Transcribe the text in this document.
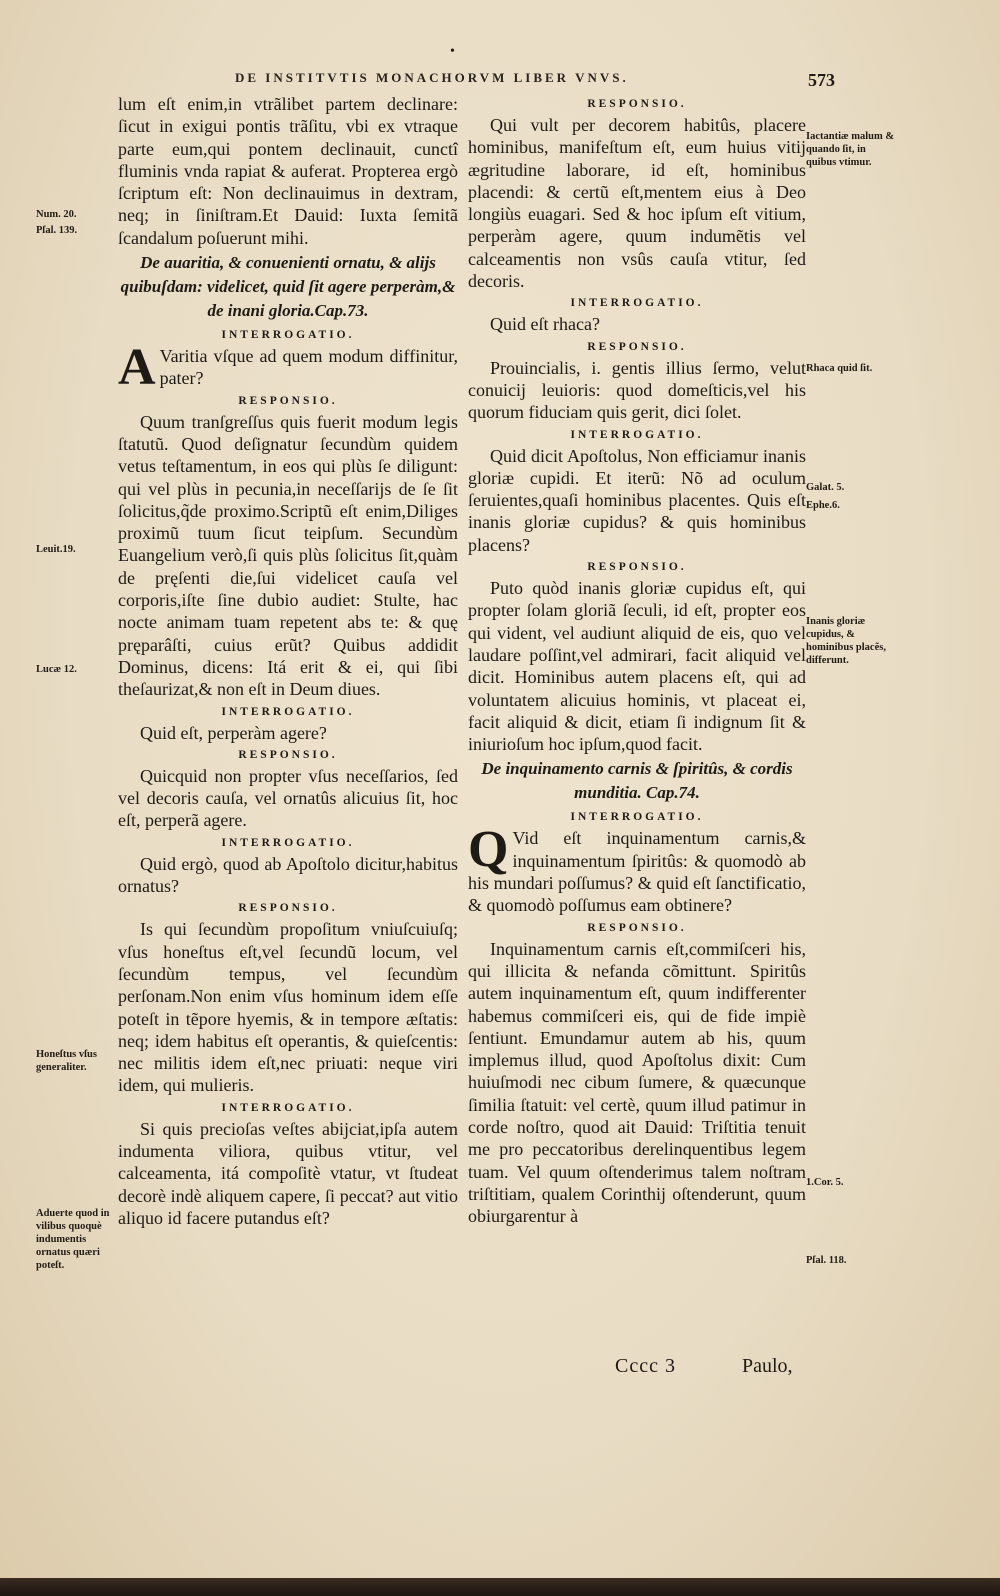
•
DE INSTITVTIS MONACHORVM LIBER VNVS.	573

lum eſt enim,in vtrãlibet partem declinare: ſicut in exigui pontis trãſitu, vbi ex vtraque parte eum,qui pontem declinauit, cunctî fluminis vnda rapiat & auferat. Propterea ergò ſcriptum eſt: Non declinauimus in dextram, neq; in ſiniſtram.Et Dauid: Iuxta ſemitã ſcandalum poſuerunt mihi.

De auaritia, & conuenienti ornatu, & alijs quibuſdam: videlicet, quid ſit agere perperàm,& de inani gloria.Cap.73.
INTERROGATIO.

A Varitia vſque ad quem modum diffinitur, pater?

RESPONSIO.

Quum tranſgreſſus quis fuerit modum legis ſtatutũ. Quod deſignatur ſecundùm quidem vetus teſtamentum, in eos qui plùs ſe diligunt: qui vel plùs in pecunia,in neceſſarijs de ſe ſit ſolicitus,q̃de proximo.Scriptũ eſt enim,Diliges proximũ tuum ſicut teipſum. Secundùm Euangelium verò,ſi quis plùs ſolicitus ſit,quàm de pręſenti die,ſui videlicet cauſa vel corporis,iſte ſine dubio audiet: Stulte, hac nocte animam tuam repetent abs te: & quę pręparâſti, cuius erũt? Quibus addidit Dominus, dicens: Itá erit & ei, qui ſibi theſaurizat,& non eſt in Deum diues.

INTERROGATIO.

Quid eſt, perperàm agere?

RESPONSIO.

Quicquid non propter vſus neceſſarios, ſed vel decoris cauſa, vel ornatûs alicuius ſit, hoc eſt, perperã agere.

INTERROGATIO.

Quid ergò, quod ab Apoſtolo dicitur,habitus ornatus?

RESPONSIO.

Is qui ſecundùm propoſitum vniuſcuiuſq; vſus honeſtus eſt,vel ſecundũ locum, vel ſecundùm tempus, vel ſecundùm perſonam.Non enim vſus hominum idem eſſe poteſt in tẽpore hyemis, & in tempore æſtatis: neq; idem habitus eſt operantis, & quieſcentis: nec militis idem eſt,nec priuati: neque viri idem, qui mulieris.

INTERROGATIO.

Si quis precioſas veſtes abijciat,ipſa autem indumenta viliora, quibus vtitur, vel calceamenta, itá compoſitè vtatur, vt ſtudeat decorè indè aliquem capere, ſi peccat? aut vitio aliquo id facere putandus eſt?

RESPONSIO.

Qui vult per decorem habitûs, placere hominibus, manifeſtum eſt, eum huius vitij ægritudine laborare, id eſt, hominibus placendi: & certũ eſt,mentem eius à Deo longiùs euagari. Sed & hoc ipſum eſt vitium, perperàm agere, quum indumẽtis vel calceamentis non vsûs cauſa vtitur, ſed decoris.

INTERROGATIO.

Quid eſt rhaca?

RESPONSIO.

Prouincialis, i. gentis illius ſermo, velut conuicij leuioris: quod domeſticis,vel his quorum fiduciam quis gerit, dici ſolet.

INTERROGATIO.

Quid dicit Apoſtolus, Non efficiamur inanis gloriæ cupidi. Et iterũ: Nõ ad oculum ſeruientes,quaſi hominibus placentes. Quis eſt inanis gloriæ cupidus? & quis hominibus placens?

RESPONSIO.

Puto quòd inanis gloriæ cupidus eſt, qui propter ſolam gloriã ſeculi, id eſt, propter eos qui vident, vel audiunt aliquid de eis, quo vel laudare poſſint,vel admirari, facit aliquid vel dicit. Hominibus autem placens eſt, qui ad voluntatem alicuius hominis, vt placeat ei, facit aliquid & dicit, etiam ſi indignum ſit & iniurioſum hoc ipſum,quod facit.

De inquinamento carnis & ſpiritûs, & cordis munditia. Cap.74.
INTERROGATIO.

Q Vid eſt inquinamentum carnis,& inquinamentum ſpiritûs: & quomodò ab his mundari poſſumus? & quid eſt ſanctificatio, & quomodò poſſumus eam obtinere?

RESPONSIO.

Inquinamentum carnis eſt,commiſceri his, qui illicita & nefanda cõmittunt. Spiritûs autem inquinamentum eſt, quum indifferenter habemus commiſceri eis, qui de fide impiè ſentiunt. Emundamur autem ab his, quum implemus illud, quod Apoſtolus dixit: Cum huiuſmodi nec cibum ſumere, & quæcunque ſimilia ſtatuit: vel certè, quum illud patimur in corde noſtro, quod ait Dauid: Triſtitia tenuit me pro peccatoribus derelinquentibus legem tuam. Vel quum oſtenderimus talem noſtram triſtitiam, qualem Corinthij oſtenderunt, quum obiurgarentur à

Cccc 3	Paulo,
Num. 20.
Pſal. 139.
Leuit.19.
Lucæ 12.
Honeſtus vſus generaliter.
Aduerte quod in vilibus quoquè indumentis ornatus quæri poteſt.
Iactantiæ malum & quando ſit, in quibus vtimur.
Rhaca quid ſit.
Galat. 5.
Ephe.6.
Inanis gloriæ cupidus, & hominibus placẽs, differunt.
1.Cor. 5.
Pſal. 118.
